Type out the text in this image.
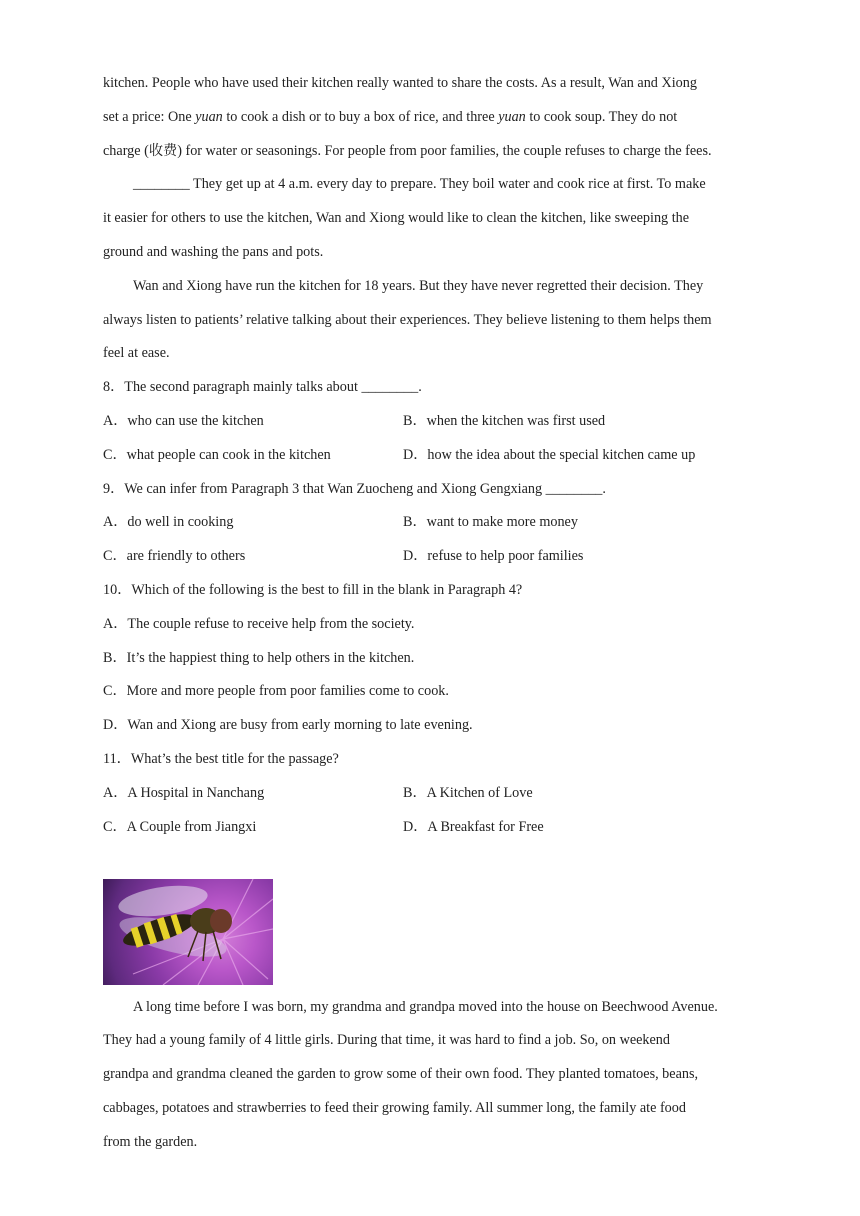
kitchen. People who have used their kitchen really wanted to share the costs. As a result, Wan and Xiong
set a price: One yuan to cook a dish or to buy a box of rice, and three yuan to cook soup. They do not
charge (收费) for water or seasonings. For people from poor families, the couple refuses to charge the fees.
________ They get up at 4 a.m. every day to prepare. They boil water and cook rice at first. To make
it easier for others to use the kitchen, Wan and Xiong would like to clean the kitchen, like sweeping the
ground and washing the pans and pots.
Wan and Xiong have run the kitchen for 18 years. But they have never regretted their decision. They
always listen to patients’ relative talking about their experiences. They believe listening to them helps them
feel at ease.
8．The second paragraph mainly talks about ________.
A．who can use the kitchen	B．when the kitchen was first used
C．what people can cook in the kitchen	D．how the idea about the special kitchen came up
9．We can infer from Paragraph 3 that Wan Zuocheng and Xiong Gengxiang ________.
A．do well in cooking	B．want to make more money
C．are friendly to others	D．refuse to help poor families
10．Which of the following is the best to fill in the blank in Paragraph 4?
A．The couple refuse to receive help from the society.
B．It’s the happiest thing to help others in the kitchen.
C．More and more people from poor families come to cook.
D．Wan and Xiong are busy from early morning to late evening.
11．What’s the best title for the passage?
A．A Hospital in Nanchang	B．A Kitchen of Love
C．A Couple from Jiangxi	D．A Breakfast for Free
A long time before I was born, my grandma and grandpa moved into the house on Beechwood Avenue.
They had a young family of 4 little girls. During that time, it was hard to find a job. So, on weekend
grandpa and grandma cleaned the garden to grow some of their own food. They planted tomatoes, beans,
cabbages, potatoes and strawberries to feed their growing family. All summer long, the family ate food
from the garden.
